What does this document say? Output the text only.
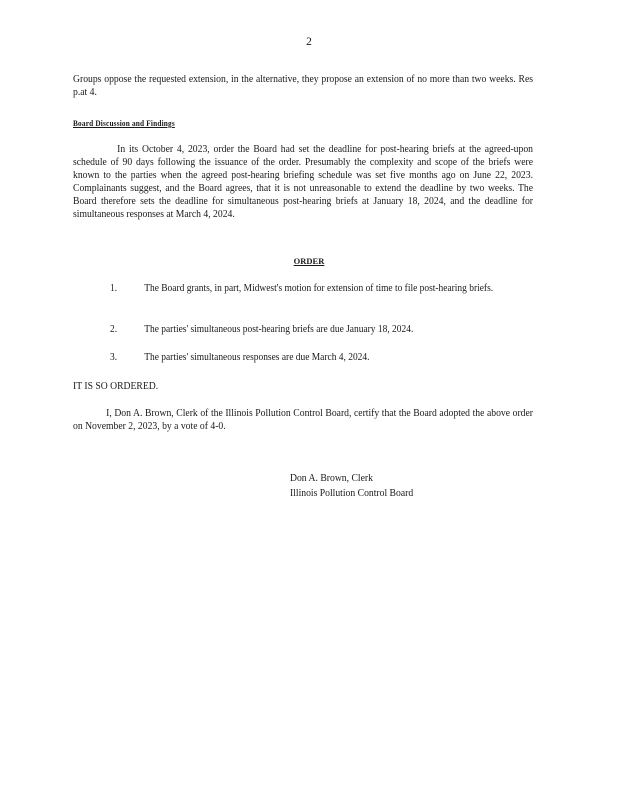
2
Groups oppose the requested extension, in the alternative, they propose an extension of no more than two weeks. Res p.at 4.
Board Discussion and Findings
In its October 4, 2023, order the Board had set the deadline for post-hearing briefs at the agreed-upon schedule of 90 days following the issuance of the order. Presumably the complexity and scope of the briefs were known to the parties when the agreed post-hearing briefing schedule was set five months ago on June 22, 2023. Complainants suggest, and the Board agrees, that it is not unreasonable to extend the deadline by two weeks. The Board therefore sets the deadline for simultaneous post-hearing briefs at January 18, 2024, and the deadline for simultaneous responses at March 4, 2024.
ORDER
1.	The Board grants, in part, Midwest's motion for extension of time to file post-hearing briefs.
2.	The parties' simultaneous post-hearing briefs are due January 18, 2024.
3.	The parties' simultaneous responses are due March 4, 2024.
IT IS SO ORDERED.
I, Don A. Brown, Clerk of the Illinois Pollution Control Board, certify that the Board adopted the above order on November 2, 2023, by a vote of 4-0.
Don A. Brown, Clerk
Illinois Pollution Control Board
